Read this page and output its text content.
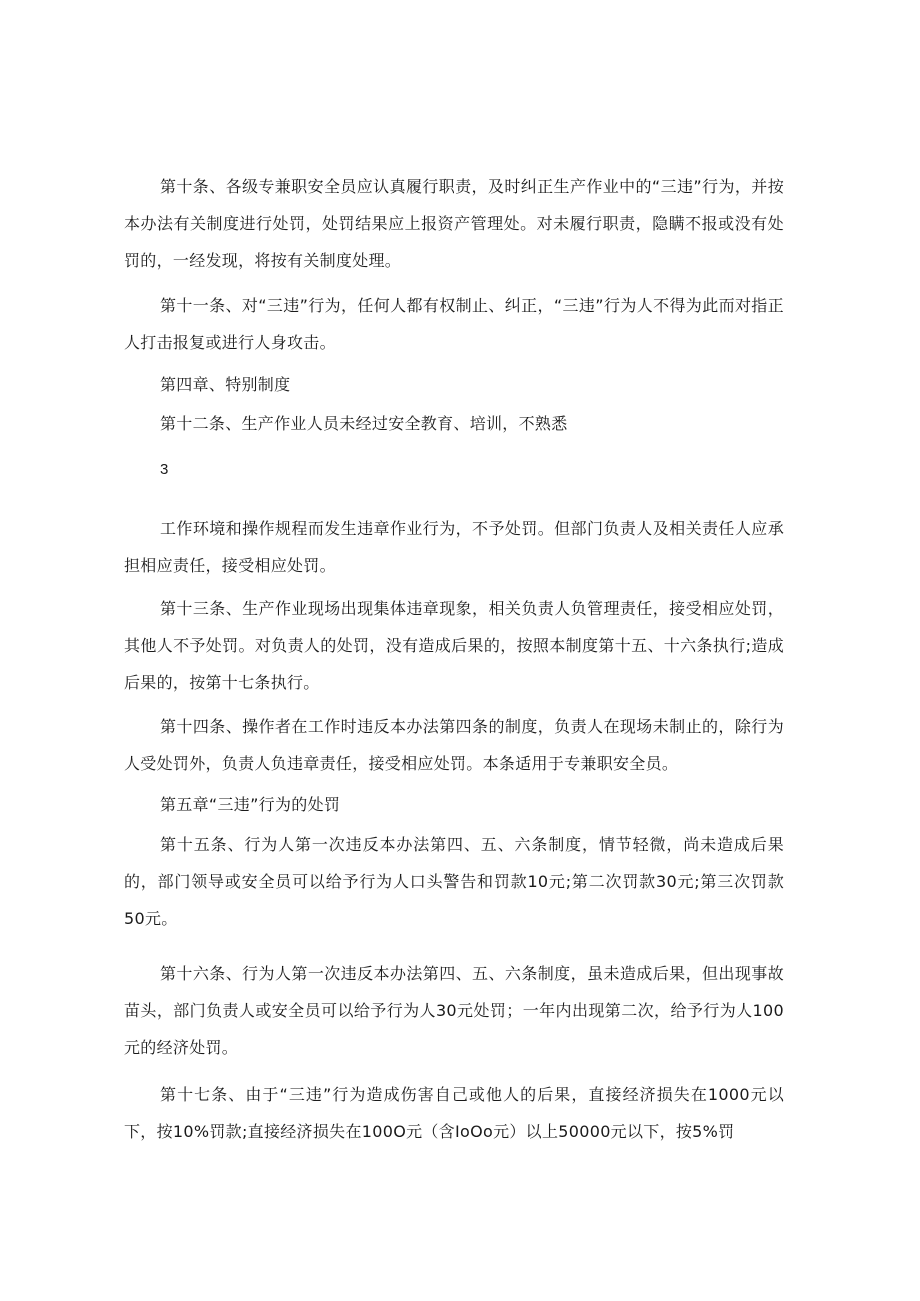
第十条、各级专兼职安全员应认真履行职责，及时纠正生产作业中的“三违”行为，并按本办法有关制度进行处罚，处罚结果应上报资产管理处。对未履行职责，隐瞒不报或没有处罚的，一经发现，将按有关制度处理。

第十一条、对“三违”行为，任何人都有权制止、纠正，“三违”行为人不得为此而对指正人打击报复或进行人身攻击。

第四章、特别制度

第十二条、生产作业人员未经过安全教育、培训，不熟悉

3

工作环境和操作规程而发生违章作业行为，不予处罚。但部门负责人及相关责任人应承担相应责任，接受相应处罚。

第十三条、生产作业现场出现集体违章现象，相关负责人负管理责任，接受相应处罚，其他人不予处罚。对负责人的处罚，没有造成后果的，按照本制度第十五、十六条执行;造成后果的，按第十七条执行。

第十四条、操作者在工作时违反本办法第四条的制度，负责人在现场未制止的，除行为人受处罚外，负责人负违章责任，接受相应处罚。本条适用于专兼职安全员。

第五章“三违”行为的处罚

第十五条、行为人第一次违反本办法第四、五、六条制度，情节轻微，尚未造成后果的，部门领导或安全员可以给予行为人口头警告和罚款10元;第二次罚款30元;第三次罚款50元。

第十六条、行为人第一次违反本办法第四、五、六条制度，虽未造成后果，但出现事故苗头，部门负责人或安全员可以给予行为人30元处罚；一年内出现第二次，给予行为人100元的经济处罚。

第十七条、由于“三违”行为造成伤害自己或他人的后果，直接经济损失在1000元以下，按10%罚款;直接经济损失在100O元（含IoOo元）以上50000元以下，按5%罚
